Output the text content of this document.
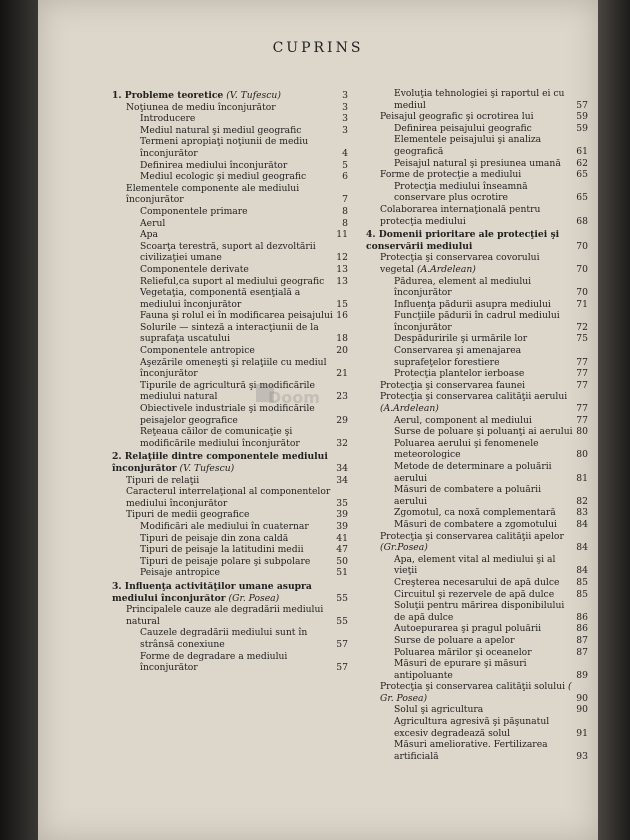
CUPRINS
1. Probleme teoretice (V. Tufescu)	3
Noţiunea de mediu înconjurător	3
Introducere	3
Mediul natural şi mediul geografic	3
Termeni apropiaţi noţiunii de mediu înconjurător	4
Definirea mediului înconjurător	5
Mediul ecologic şi mediul geografic	6
Elementele componente ale mediului înconjurător	7
Componentele primare	8
Aerul	8
Apa	11
Scoarţa terestră, suport al dezvoltării civilizaţiei umane	12
Componentele derivate	13
Relieful,ca suport al mediului geografic 13
Vegetaţia, componentă esenţială a mediului înconjurător	15
Fauna şi rolul ei în modificarea peisajului 16
Solurile — sinteză a interacţiunii de la suprafaţa uscatului	18
Componentele antropice	20
Aşezările omeneşti şi relaţiile cu mediul înconjurător	21
Tipurile de agricultură şi modificările mediului natural	23
Obiectivele industriale şi modificările peisajelor geografice	29
Reţeaua căilor de comunicaţie şi modificările mediului înconjurător	32
2. Relaţiile dintre componentele mediului înconjurător (V. Tufescu)	34
Tipuri de relaţii	34
Caracterul interrelaţional al componentelor mediului înconjurător	35
Tipuri de medii geografice	39
Modificări ale mediului în cuaternar	39
Tipuri de peisaje din zona caldă	41
Tipuri de peisaje la latitudini medii	47
Tipuri de peisaje polare şi subpolare	50
Peisaje antropice	51
3. Influenţa activităţilor umane asupra mediului înconjurător (Gr. Posea)	55
Principalele cauze ale degradării mediului natural	55
Cauzele degradării mediului sunt în strânsă conexiune	57
Forme de degradare a mediului înconjurător	57
Evoluţia tehnologiei şi raportul ei cu mediul	57
Peisajul geografic şi ocrotirea lui	59
Definirea peisajului geografic	59
Elementele peisajului şi analiza geografică	61
Peisajul natural şi presiunea umană 62
Forme de protecţie a mediului	65
Protecţia mediului înseamnă conservare plus ocrotire	65
Colaborarea internaţională pentru protecţia mediului	68
4. Domenii prioritare ale protecţiei şi conservării mediului	70
Protecţia şi conservarea covorului vegetal (A.Ardelean)	70
Pădurea, element al mediului înconjurător	70
Influenţa pădurii asupra mediului	71
Funcţiile pădurii în cadrul mediului înconjurător	72
Despăduririle şi urmările lor	75
Conservarea şi amenajarea suprafeţelor forestiere	77
Protecţia plantelor ierboase	77
Protecţia şi conservarea faunei	77
Protecţia şi conservarea calităţii aerului (A.Ardelean)	77
Aerul, component al mediului	77
Surse de poluare şi poluanţi ai aerului 80
Poluarea aerului şi fenomenele meteorologice	80
Metode de determinare a poluării aerului	81
Măsuri de combatere a poluării aerului	82
Zgomotul, ca noxă complementară 83
Măsuri de combatere a zgomotului 84
Protecţia şi conservarea calităţii apelor (Gr.Posea)	84
Apa, element vital al mediului şi al vieţii	84
Creşterea necesarului de apă dulce 85
Circuitul şi rezervele de apă dulce 85
Soluţii pentru mărirea disponibilului de apă dulce	86
Autoepurarea şi pragul poluării	86
Surse de poluare a apelor	87
Poluarea mărilor şi oceanelor	87
Măsuri de epurare şi măsuri antipoluante	89
Protecţia şi conservarea calităţii solului ( Gr. Posea)	90
Solul şi agricultura	90
Agricultura agresivă şi păşunatul excesiv degradează solul	91
Măsuri ameliorative. Fertilizarea artificială	93
Doom
